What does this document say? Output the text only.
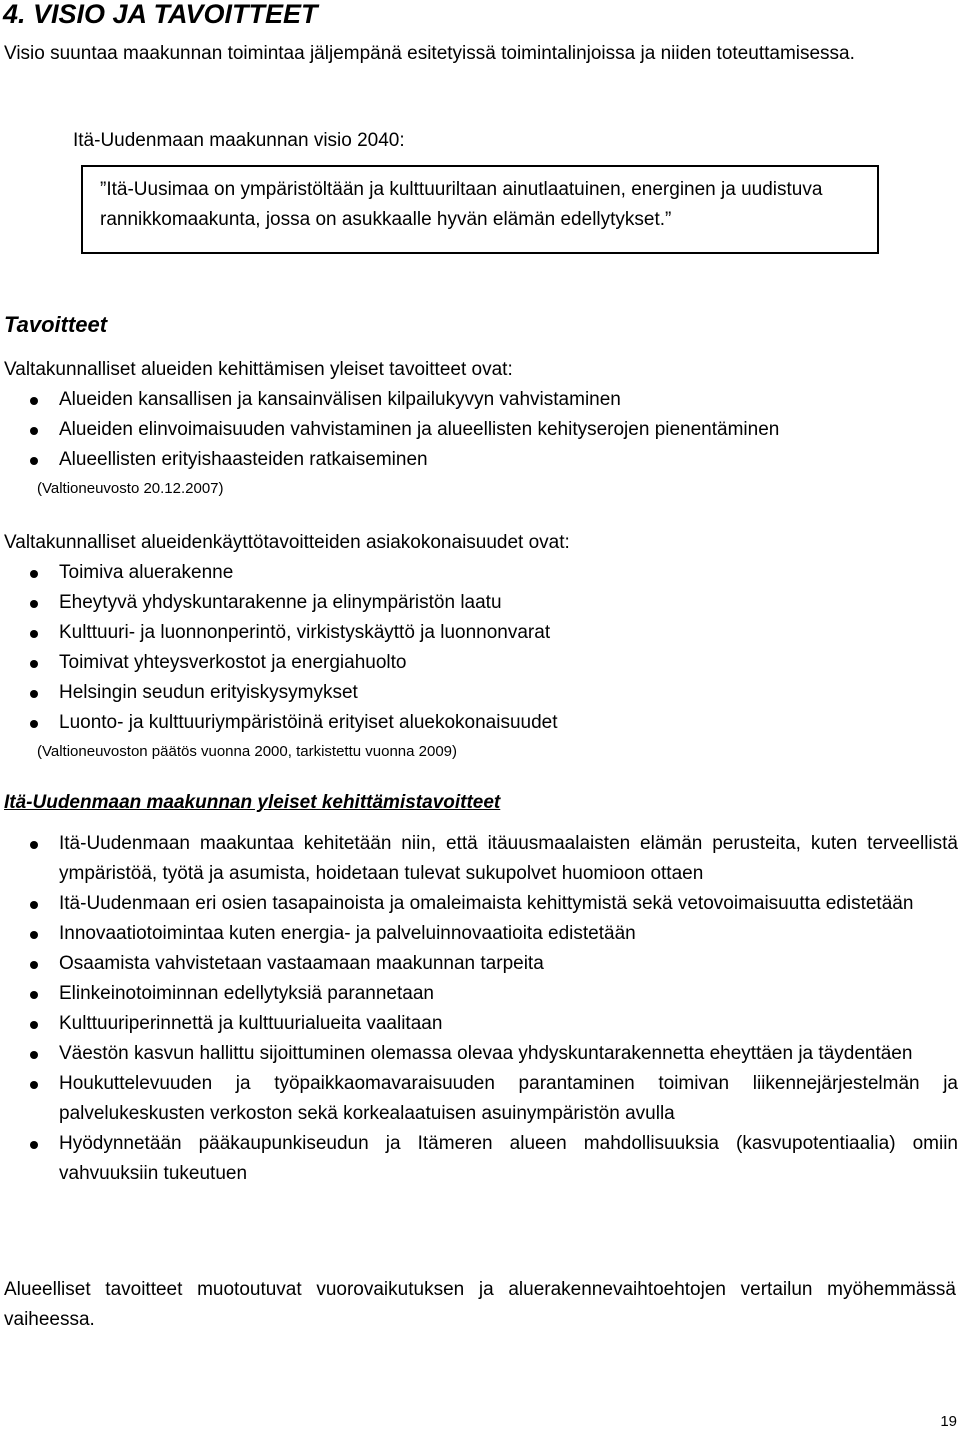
4. VISIO JA TAVOITTEET
Visio suuntaa maakunnan toimintaa jäljempänä esitetyissä toimintalinjoissa ja niiden toteuttamisessa.
Itä-Uudenmaan maakunnan visio 2040:
”Itä-Uusimaa on ympäristöltään ja kulttuuriltaan ainutlaatuinen, energinen ja uudistuva rannikkomaakunta, jossa on asukkaalle hyvän elämän edellytykset.”
Tavoitteet
Valtakunnalliset alueiden kehittämisen yleiset tavoitteet ovat:
Alueiden kansallisen ja kansainvälisen kilpailukyvyn vahvistaminen
Alueiden elinvoimaisuuden vahvistaminen ja alueellisten kehityserojen pienentäminen
Alueellisten erityishaasteiden ratkaiseminen
(Valtioneuvosto 20.12.2007)
Valtakunnalliset alueidenkäyttötavoitteiden asiakokonaisuudet ovat:
Toimiva aluerakenne
Eheytyvä yhdyskuntarakenne ja elinympäristön laatu
Kulttuuri- ja luonnonperintö, virkistyskäyttö ja luonnonvarat
Toimivat yhteysverkostot ja energiahuolto
Helsingin seudun erityiskysymykset
Luonto- ja kulttuuriympäristöinä erityiset aluekokonaisuudet
(Valtioneuvoston päätös vuonna 2000, tarkistettu vuonna 2009)
Itä-Uudenmaan maakunnan yleiset kehittämistavoitteet
Itä-Uudenmaan maakuntaa kehitetään niin, että itäuusmaalaisten elämän perusteita, kuten terveellistä ympäristöä, työtä ja asumista, hoidetaan tulevat sukupolvet huomioon ottaen
Itä-Uudenmaan eri osien tasapainoista ja omaleimaista kehittymistä sekä vetovoimaisuutta edistetään
Innovaatiotoimintaa kuten energia- ja palveluinnovaatioita edistetään
Osaamista vahvistetaan vastaamaan maakunnan tarpeita
Elinkeinotoiminnan edellytyksiä parannetaan
Kulttuuriperinnettä ja kulttuurialueita vaalitaan
Väestön kasvun hallittu sijoittuminen olemassa olevaa yhdyskuntarakennetta eheyttäen ja täydentäen
Houkuttelevuuden ja työpaikkaomavaraisuuden parantaminen toimivan liikennejärjestelmän ja palvelukeskusten verkoston sekä korkealaatuisen asuinympäristön avulla
Hyödynnetään pääkaupunkiseudun ja Itämeren alueen mahdollisuuksia (kasvupotentiaalia) omiin vahvuuksiin tukeutuen
Alueelliset tavoitteet muotoutuvat vuorovaikutuksen ja aluerakennevaihtoehtojen vertailun myöhemmässä vaiheessa.
19
